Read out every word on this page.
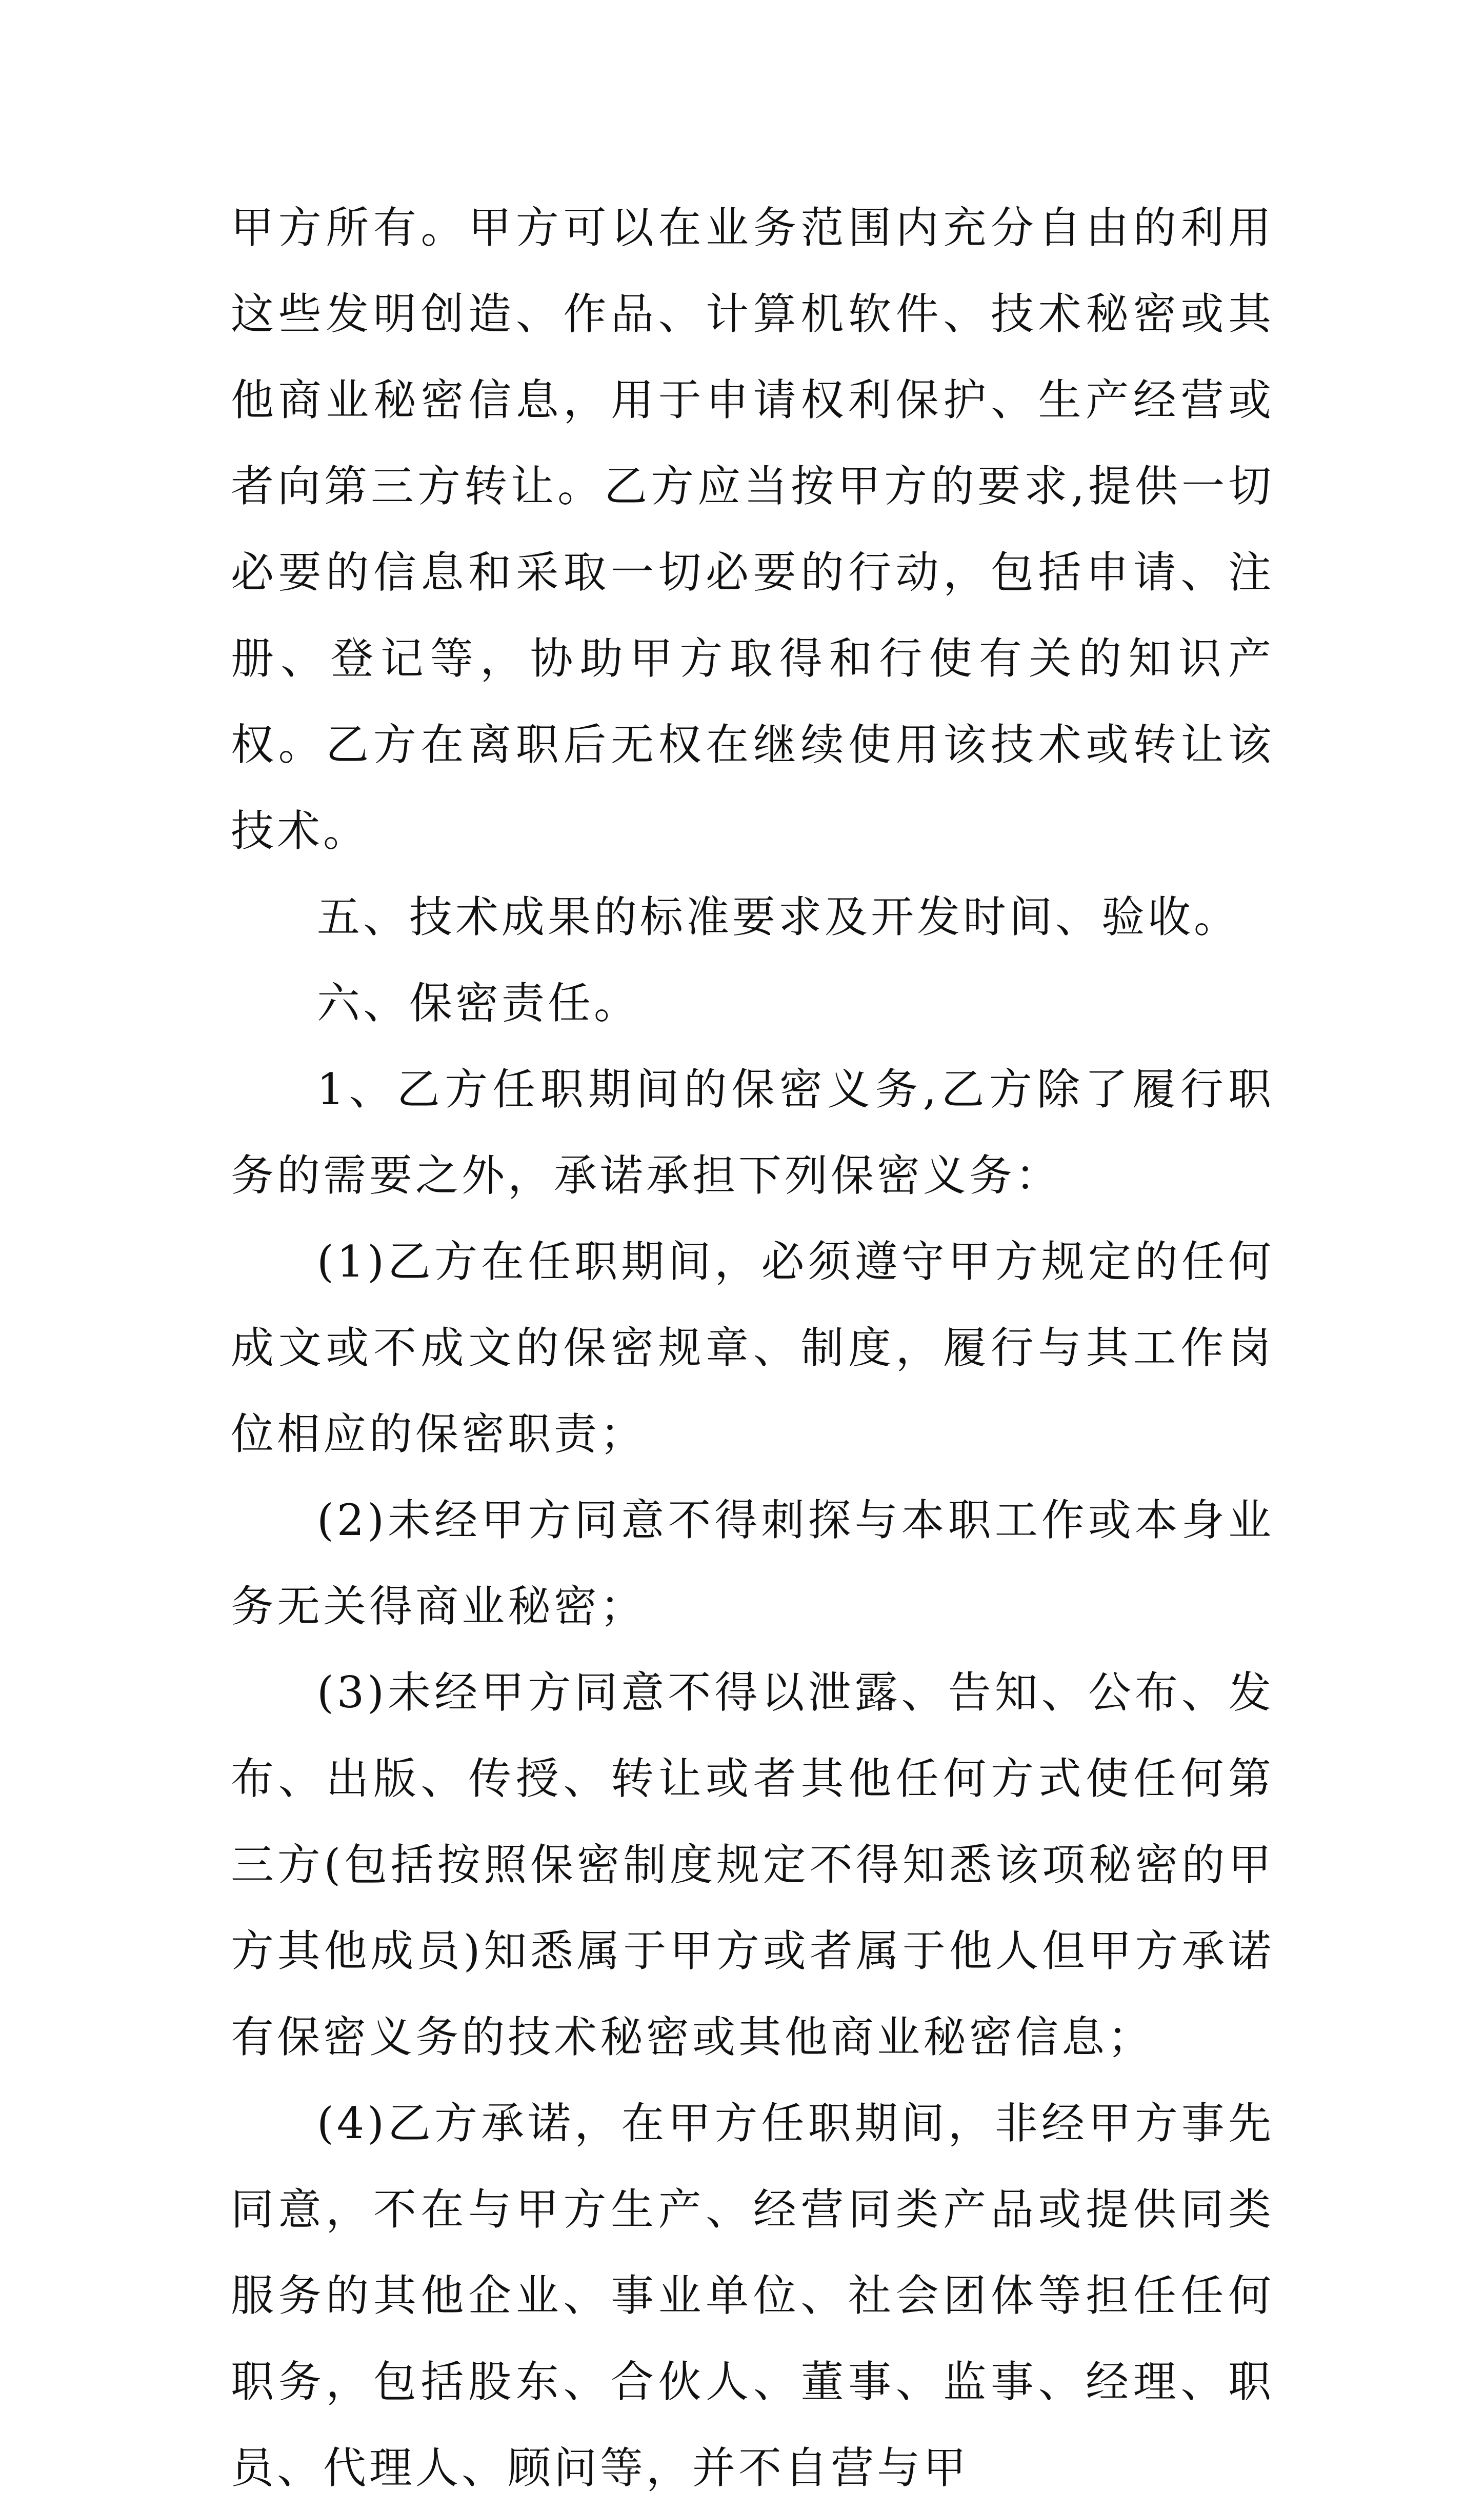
甲方所有。甲方可以在业务范围内充分自由的利用这些发明创造、作品、计算机软件、技术秘密或其他商业秘密信息，用于申请权利保护、生产经营或者向第三方转让。乙方应当按甲方的要求,提供一切必要的信息和采取一切必要的行动，包括申请、注册、登记等，协助甲方取得和行使有关的知识产权。乙方在离职后无权在继续使用该技术或转让该技术。

五、技术成果的标准要求及开发时间、验收。

六、保密责任。

1、乙方任职期间的保密义务,乙方除了履行职务的需要之外，承诺承担下列保密义务：

(1)乙方在任职期间，必须遵守甲方规定的任何成文或不成文的保密规章、制度，履行与其工作岗位相应的保密职责；

(2)未经甲方同意不得刺探与本职工作或本身业务无关得商业秘密；

(3)未经甲方同意不得以泄露、告知、公布、发布、出版、传授、转让或者其他任何方式使任何第三方(包括按照保密制度规定不得知悉该项秘密的甲方其他成员)知悉属于甲方或者属于他人但甲方承诺有保密义务的技术秘密或其他商业秘密信息；

(4)乙方承诺，在甲方任职期间，非经甲方事先同意，不在与甲方生产、经营同类产品或提供同类服务的其他企业、事业单位、社会团体等担任任何职务，包括股东、合伙人、董事、监事、经理、职员、代理人、顾问等，并不自营与甲
